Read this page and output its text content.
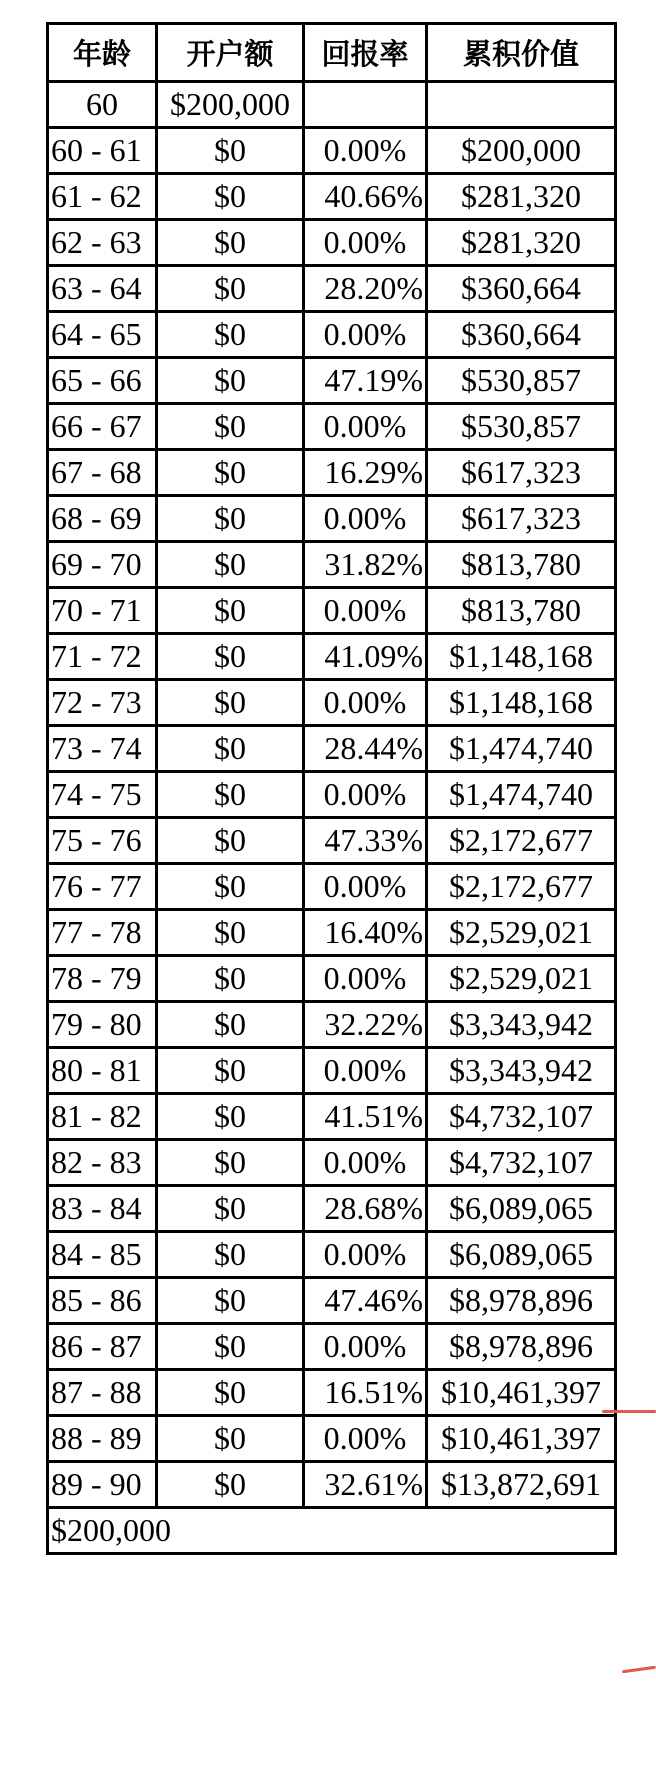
年龄	开户额	回报率	累积价值
60	$200,000		
60 - 61	$0	0.00%	$200,000
61 - 62	$0	40.66%	$281,320
62 - 63	$0	0.00%	$281,320
63 - 64	$0	28.20%	$360,664
64 - 65	$0	0.00%	$360,664
65 - 66	$0	47.19%	$530,857
66 - 67	$0	0.00%	$530,857
67 - 68	$0	16.29%	$617,323
68 - 69	$0	0.00%	$617,323
69 - 70	$0	31.82%	$813,780
70 - 71	$0	0.00%	$813,780
71 - 72	$0	41.09%	$1,148,168
72 - 73	$0	0.00%	$1,148,168
73 - 74	$0	28.44%	$1,474,740
74 - 75	$0	0.00%	$1,474,740
75 - 76	$0	47.33%	$2,172,677
76 - 77	$0	0.00%	$2,172,677
77 - 78	$0	16.40%	$2,529,021
78 - 79	$0	0.00%	$2,529,021
79 - 80	$0	32.22%	$3,343,942
80 - 81	$0	0.00%	$3,343,942
81 - 82	$0	41.51%	$4,732,107
82 - 83	$0	0.00%	$4,732,107
83 - 84	$0	28.68%	$6,089,065
84 - 85	$0	0.00%	$6,089,065
85 - 86	$0	47.46%	$8,978,896
86 - 87	$0	0.00%	$8,978,896
87 - 88	$0	16.51%	$10,461,397
88 - 89	$0	0.00%	$10,461,397
89 - 90	$0	32.61%	$13,872,691
$200,000			
